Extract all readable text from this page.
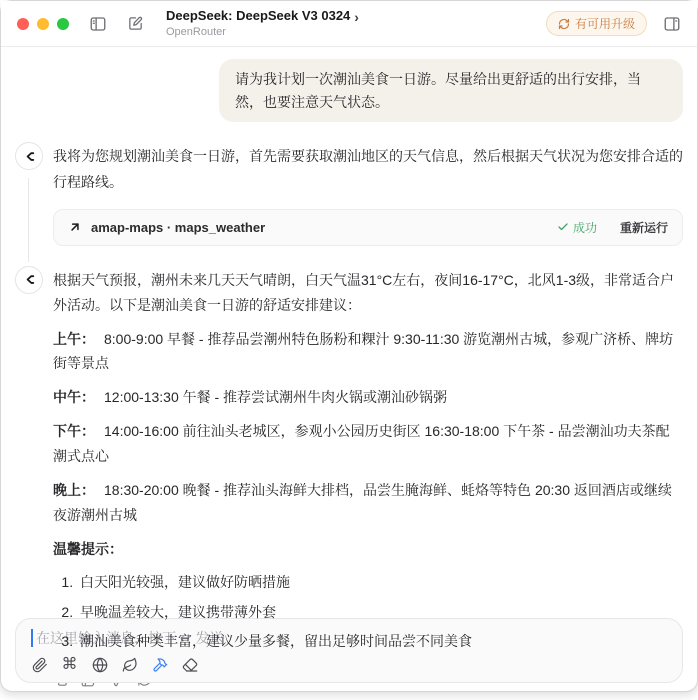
DeepSeek: DeepSeek V3 0324 ›
OpenRouter
有可用升级
请为我计划一次潮汕美食一日游。尽量给出更舒适的出行安排，当然，也要注意天气状态。
我将为您规划潮汕美食一日游，首先需要获取潮汕地区的天气信息，然后根据天气状况为您安排合适的行程路线。
amap-maps · maps_weather	成功 重新运行

根据天气预报，潮州未来几天天气晴朗，白天气温31°C左右，夜间16-17°C，北风1-3级，非常适合户外活动。以下是潮汕美食一日游的舒适安排建议：

上午： 8:00-9:00 早餐 - 推荐品尝潮州特色肠粉和粿汁 9:30-11:30 游览潮州古城，参观广济桥、牌坊街等景点

中午： 12:00-13:30 午餐 - 推荐尝试潮州牛肉火锅或潮汕砂锅粥

下午： 14:00-16:00 前往汕头老城区，参观小公园历史街区 16:30-18:00 下午茶 - 品尝潮汕功夫茶配潮式点心

晚上： 18:30-20:00 晚餐 - 推荐汕头海鲜大排档，品尝生腌海鲜、蚝烙等特色 20:30 返回酒店或继续夜游潮州古城

温馨提示：

1. 白天阳光较强，建议做好防晒措施
2. 早晚温差较大，建议携带薄外套
3. 潮汕美食种类丰富，建议少量多餐，留出足够时间品尝不同美食
在这里输入消息，按下 ↵ 发送
⌘
